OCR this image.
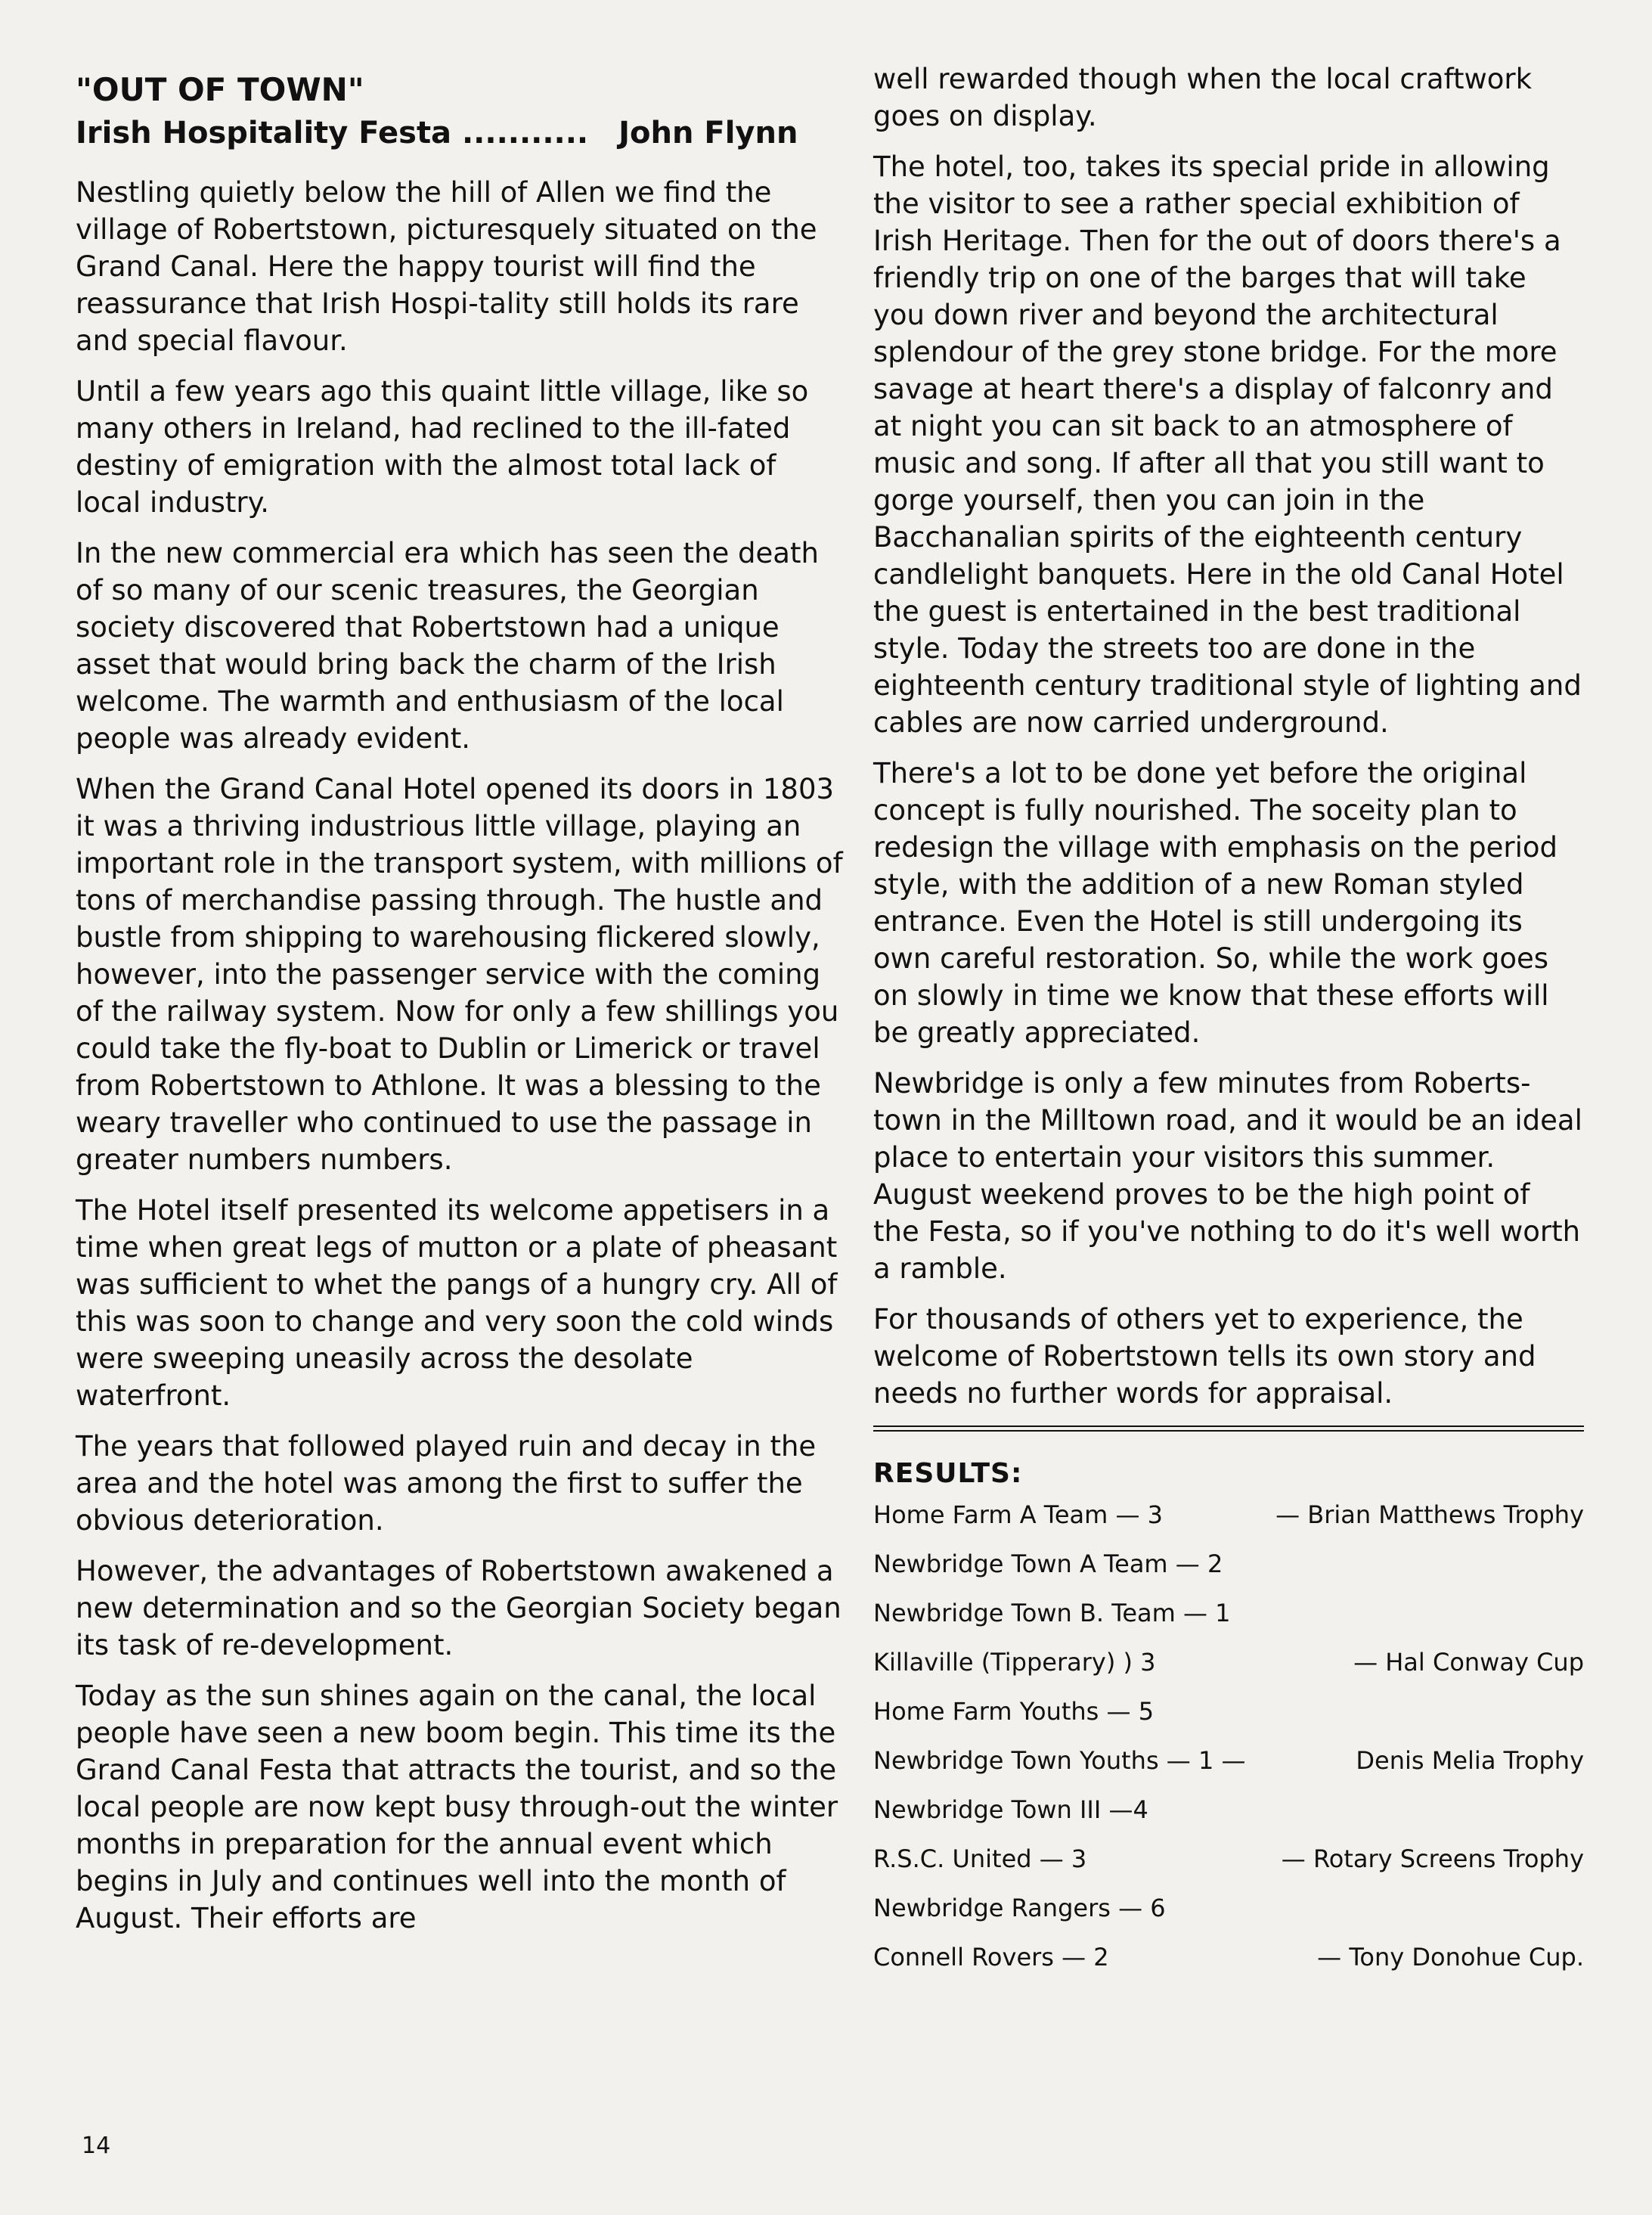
"OUT OF TOWN"
Irish Hospitality Festa ........... John Flynn

Nestling quietly below the hill of Allen we find the village of Robertstown, picturesquely situated on the Grand Canal. Here the happy tourist will find the reassurance that Irish Hospi-tality still holds its rare and special flavour.

Until a few years ago this quaint little village, like so many others in Ireland, had reclined to the ill-fated destiny of emigration with the almost total lack of local industry.

In the new commercial era which has seen the death of so many of our scenic treasures, the Georgian society discovered that Robertstown had a unique asset that would bring back the charm of the Irish welcome. The warmth and enthusiasm of the local people was already evident.

When the Grand Canal Hotel opened its doors in 1803 it was a thriving industrious little village, playing an important role in the transport system, with millions of tons of merchandise passing through. The hustle and bustle from shipping to warehousing flickered slowly, however, into the passenger service with the coming of the railway system. Now for only a few shillings you could take the fly-boat to Dublin or Limerick or travel from Robertstown to Athlone. It was a blessing to the weary traveller who continued to use the passage in greater numbers numbers.

The Hotel itself presented its welcome appetisers in a time when great legs of mutton or a plate of pheasant was sufficient to whet the pangs of a hungry cry. All of this was soon to change and very soon the cold winds were sweeping uneasily across the desolate waterfront.

The years that followed played ruin and decay in the area and the hotel was among the first to suffer the obvious deterioration.

However, the advantages of Robertstown awakened a new determination and so the Georgian Society began its task of re-development.

Today as the sun shines again on the canal, the local people have seen a new boom begin. This time its the Grand Canal Festa that attracts the tourist, and so the local people are now kept busy through-out the winter months in preparation for the annual event which begins in July and continues well into the month of August. Their efforts are

well rewarded though when the local craftwork goes on display.

The hotel, too, takes its special pride in allowing the visitor to see a rather special exhibition of Irish Heritage. Then for the out of doors there's a friendly trip on one of the barges that will take you down river and beyond the architectural splendour of the grey stone bridge. For the more savage at heart there's a display of falconry and at night you can sit back to an atmosphere of music and song. If after all that you still want to gorge yourself, then you can join in the Bacchanalian spirits of the eighteenth century candlelight banquets. Here in the old Canal Hotel the guest is entertained in the best traditional style. Today the streets too are done in the eighteenth century traditional style of lighting and cables are now carried underground.

There's a lot to be done yet before the original concept is fully nourished. The soceity plan to redesign the village with emphasis on the period style, with the addition of a new Roman styled entrance. Even the Hotel is still undergoing its own careful restoration. So, while the work goes on slowly in time we know that these efforts will be greatly appreciated.

Newbridge is only a few minutes from Roberts-town in the Milltown road, and it would be an ideal place to entertain your visitors this summer. August weekend proves to be the high point of the Festa, so if you've nothing to do it's well worth a ramble.

For thousands of others yet to experience, the welcome of Robertstown tells its own story and needs no further words for appraisal.

RESULTS:
Home Farm A Team — 3	— Brian Matthews Trophy
Newbridge Town A Team — 2
Newbridge Town B. Team — 1
Killaville (Tipperary) ) 3	— Hal Conway Cup
Home Farm Youths — 5
Newbridge Town Youths — 1 —	Denis Melia Trophy
Newbridge Town III —4
R.S.C. United — 3	— Rotary Screens Trophy
Newbridge Rangers — 6
Connell Rovers — 2	— Tony Donohue Cup.
14
